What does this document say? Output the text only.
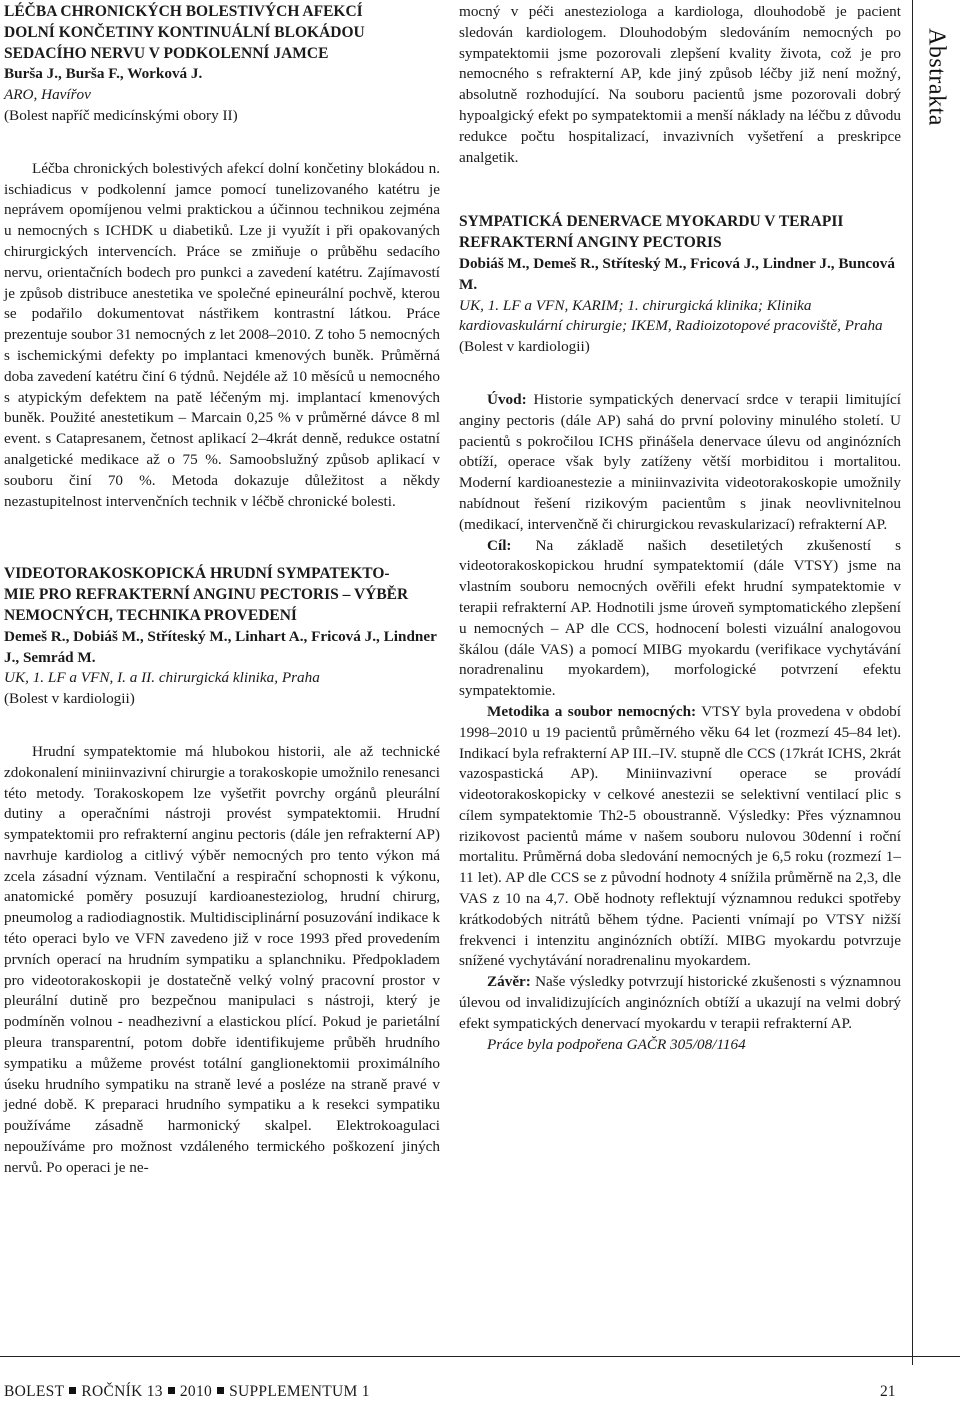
LÉČBA CHRONICKÝCH BOLESTIVÝCH AFEKCÍ
DOLNÍ KONČETINY KONTINUÁLNÍ BLOKÁDOU
SEDACÍHO NERVU V PODKOLENNÍ JAMCE
Burša J., Burša F., Worková J.
ARO, Havířov
(Bolest napříč medicínskými obory II)

Léčba chronických bolestivých afekcí dolní končetiny blokádou n. ischiadicus v podkolenní jamce pomocí tunelizovaného katétru je neprávem opomíjenou velmi praktickou a účinnou technikou zejména u nemocných s ICHDK u diabetiků. Lze ji využít i při opakovaných chirurgických intervencích. Práce se zmiňuje o průběhu sedacího nervu, orientačních bodech pro punkci a zavedení katétru. Zajímavostí je způsob distribuce anestetika ve společné epineurální pochvě, kterou se podařilo dokumentovat nástřikem kontrastní látkou. Práce prezentuje soubor 31 nemocných z let 2008–2010. Z toho 5 nemocných s ischemickými defekty po implantaci kmenových buněk. Průměrná doba zavedení katétru činí 6 týdnů. Nejdéle až 10 měsíců u nemocného s atypickým defektem na patě léčeným mj. implantací kmenových buněk. Použité anestetikum – Marcain 0,25 % v průměrné dávce 8 ml event. s Catapresanem, četnost aplikací 2–4krát denně, redukce ostatní analgetické medikace až o 75 %. Samoobslužný způsob aplikací v souboru činí 70 %. Metoda dokazuje důležitost a někdy nezastupitelnost intervenčních technik v léčbě chronické bolesti.

VIDEOTORAKOSKOPICKÁ HRUDNÍ SYMPATEKTO-
MIE PRO REFRAKTERNÍ ANGINU PECTORIS – VÝBĚR
NEMOCNÝCH, TECHNIKA PROVEDENÍ
Demeš R., Dobiáš M., Stříteský M., Linhart A., Fricová J., Lindner J., Semrád M.
UK, 1. LF a VFN, I. a II. chirurgická klinika, Praha
(Bolest v kardiologii)

Hrudní sympatektomie má hlubokou historii, ale až technické zdokonalení miniinvazivní chirurgie a torakoskopie umožnilo renesanci této metody. Torakoskopem lze vyšetřit povrchy orgánů pleurální dutiny a operačními nástroji provést sympatektomii. Hrudní sympatektomii pro refrakterní anginu pectoris (dále jen refrakterní AP) navrhuje kardiolog a citlivý výběr nemocných pro tento výkon má zcela zásadní význam. Ventilační a respirační schopnosti k výkonu, anatomické poměry posuzují kardioanesteziolog, hrudní chirurg, pneumolog a radiodiagnostik. Multidisciplinární posuzování indikace k této operaci bylo ve VFN zavedeno již v roce 1993 před provedením prvních operací na hrudním sympatiku a splanchniku. Předpokladem pro videotorakoskopii je dostatečně velký volný pracovní prostor v pleurální dutině pro bezpečnou manipulaci s nástroji, který je podmíněn volnou - neadhezivní a elastickou plící. Pokud je parietální pleura transparentní, potom dobře identifikujeme průběh hrudního sympatiku a můžeme provést totální ganglionektomii proximálního úseku hrudního sympatiku na straně levé a posléze na straně pravé v jedné době. K preparaci hrudního sympatiku a k resekci sympatiku používáme zásadně harmonický skalpel. Elektrokoagulaci nepoužíváme pro možnost vzdáleného termického poškození jiných nervů. Po operaci je ne-

mocný v péči anesteziologa a kardiologa, dlouhodobě je pacient sledován kardiologem. Dlouhodobým sledováním nemocných po sympatektomii jsme pozorovali zlepšení kvality života, což je pro nemocného s refrakterní AP, kde jiný způsob léčby již není možný, absolutně rozhodující. Na souboru pacientů jsme pozorovali dobrý hypoalgický efekt po sympatektomii a menší náklady na léčbu z důvodu redukce počtu hospitalizací, invazivních vyšetření a preskripce analgetik.

SYMPATICKÁ DENERVACE MYOKARDU V TERAPII
REFRAKTERNÍ ANGINY PECTORIS
Dobiáš M., Demeš R., Stříteský M., Fricová J., Lindner J., Buncová M.
UK, 1. LF a VFN, KARIM; 1. chirurgická klinika; Klinika kardiovaskulární chirurgie; IKEM, Radioizotopové pracoviště, Praha
(Bolest v kardiologii)

Úvod: Historie sympatických denervací srdce v terapii limitující anginy pectoris (dále AP) sahá do první poloviny minulého století. U pacientů s pokročilou ICHS přinášela denervace úlevu od anginózních obtíží, operace však byly zatíženy větší morbiditou i mortalitou. Moderní kardioanestezie a miniinvazivita videotorakoskopie umožnily nabídnout řešení rizikovým pacientům s jinak neovlivnitelnou (medikací, intervenčně či chirurgickou revaskularizací) refrakterní AP.

Cíl: Na základě našich desetiletých zkušeností s videotorakoskopickou hrudní sympatektomií (dále VTSY) jsme na vlastním souboru nemocných ověřili efekt hrudní sympatektomie v terapii refrakterní AP. Hodnotili jsme úroveň symptomatického zlepšení u nemocných – AP dle CCS, hodnocení bolesti vizuální analogovou škálou (dále VAS) a pomocí MIBG myokardu (verifikace vychytávání noradrenalinu myokardem), morfologické potvrzení efektu sympatektomie.

Metodika a soubor nemocných: VTSY byla provedena v období 1998–2010 u 19 pacientů průměrného věku 64 let (rozmezí 45–84 let). Indikací byla refrakterní AP III.–IV. stupně dle CCS (17krát ICHS, 2krát vazospastická AP). Miniinvazivní operace se provádí videotorakoskopicky v celkové anestezii se selektivní ventilací plic s cílem sympatektomie Th2-5 oboustranně. Výsledky: Přes významnou rizikovost pacientů máme v našem souboru nulovou 30denní i roční mortalitu. Průměrná doba sledování nemocných je 6,5 roku (rozmezí 1–11 let). AP dle CCS se z původní hodnoty 4 snížila průměrně na 2,3, dle VAS z 10 na 4,7. Obě hodnoty reflektují významnou redukci spotřeby krátkodobých nitrátů během týdne. Pacienti vnímají po VTSY nižší frekvenci i intenzitu anginózních obtíží. MIBG myokardu potvrzuje snížené vychytávání noradrenalinu myokardem.

Závěr: Naše výsledky potvrzují historické zkušenosti s významnou úlevou od invalidizujících anginózních obtíží a ukazují na velmi dobrý efekt sympatických denervací myokardu v terapii refrakterní AP.

Práce byla podpořena GAČR 305/08/1164

Abstrakta
BOLEST ROČNÍK 13 2010 SUPPLEMENTUM 1	21
